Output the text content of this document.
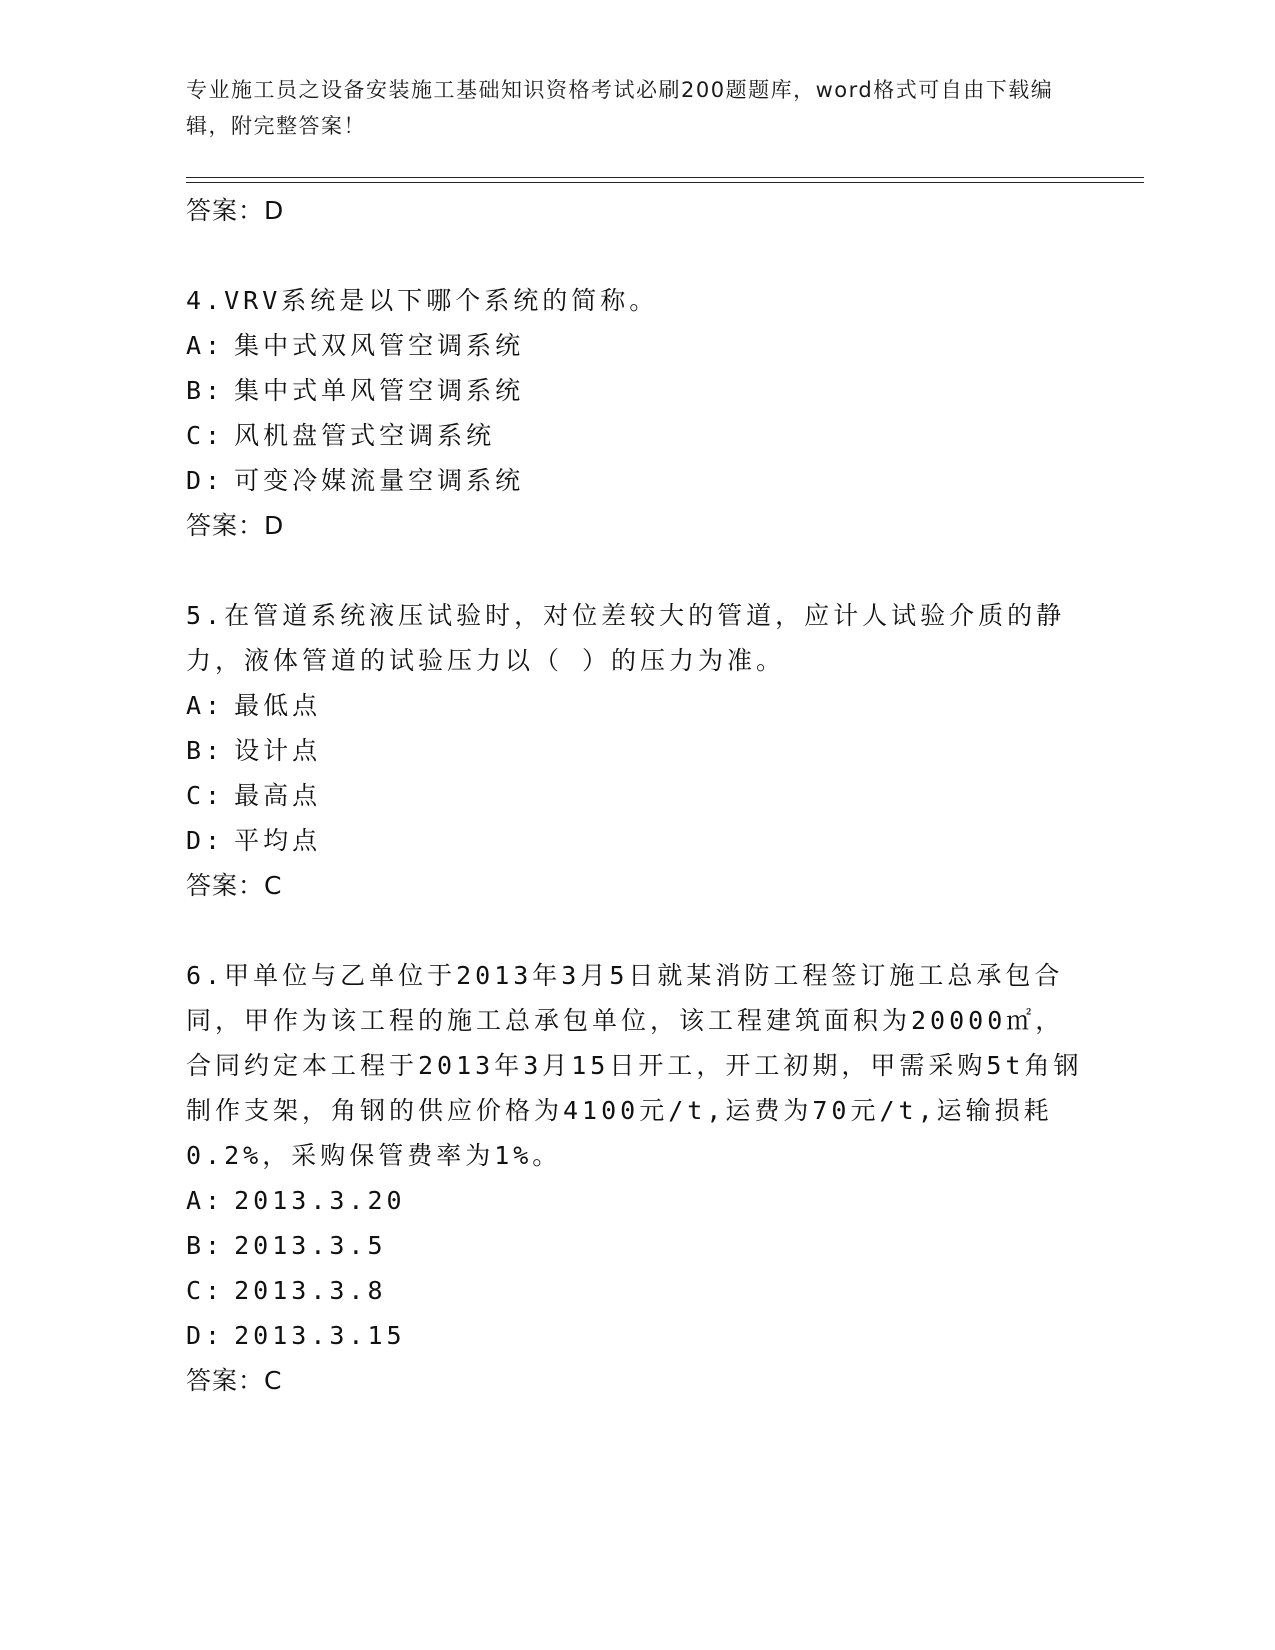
专业施工员之设备安装施工基础知识资格考试必刷200题题库，word格式可自由下载编辑，附完整答案！

答案：D

4.VRV系统是以下哪个系统的简称。

A: 集中式双风管空调系统
B: 集中式单风管空调系统
C: 风机盘管式空调系统
D: 可变冷媒流量空调系统

答案：D

5.在管道系统液压试验时，对位差较大的管道，应计人试验介质的静力，液体管道的试验压力以（ ）的压力为准。

A: 最低点
B: 设计点
C: 最高点
D: 平均点

答案：C

6.甲单位与乙单位于2013年3月5日就某消防工程签订施工总承包合同，甲作为该工程的施工总承包单位，该工程建筑面积为20000㎡，合同约定本工程于2013年3月15日开工，开工初期，甲需采购5t角钢制作支架，角钢的供应价格为4100元/t,运费为70元/t,运输损耗0.2%，采购保管费率为1%。

A: 2013.3.20
B: 2013.3.5
C: 2013.3.8
D: 2013.3.15

答案：C
